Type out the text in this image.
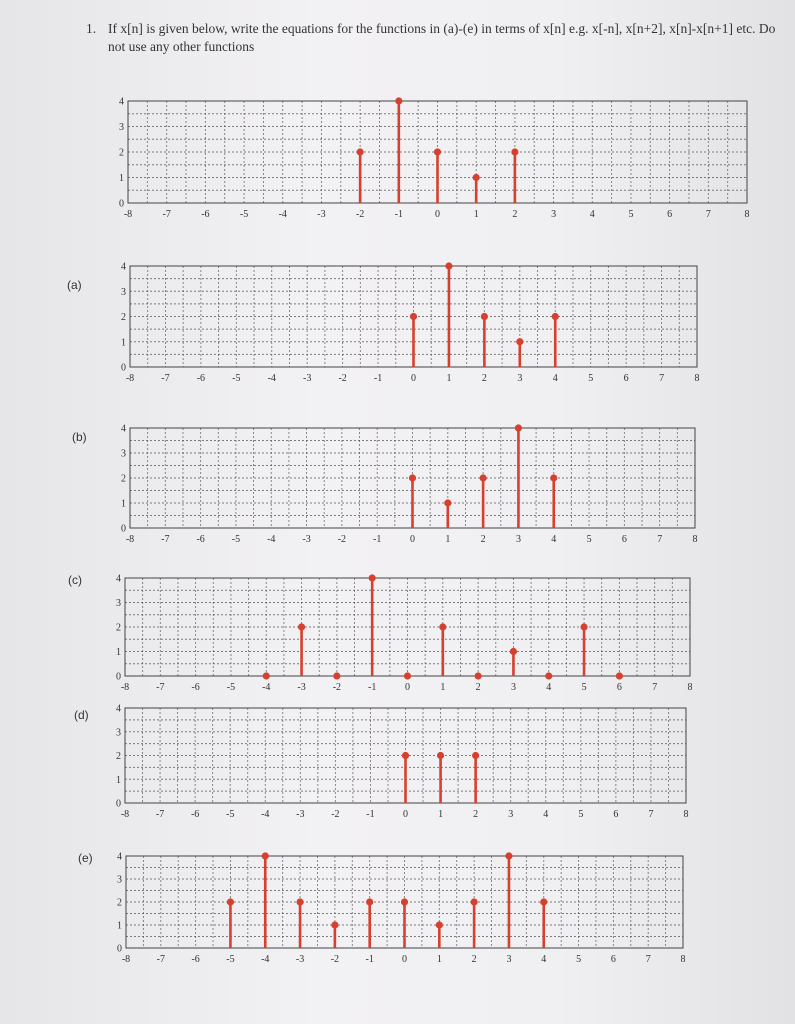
1. If x[n] is given below, write the equations for the functions in (a)-(e) in terms of x[n] e.g. x[-n], x[n+2], x[n]-x[n+1] etc. Do not use any other functions
0
1
2
3
4
-8	-7	-6	-5	-4	-3	-2	-1	0	1	2	3	4	5	6	7	8
0
1
2
3
4
-8	-7	-6	-5	-4	-3	-2	-1	0	1	2	3	4	5	6	7	8
(a)
0
1
2
3
4
-8	-7	-6	-5	-4	-3	-2	-1	0	1	2	3	4	5	6	7	8
(b)
0
1
2
3
4
-8	-7	-6	-5	-4	-3	-2	-1	0	1	2	3	4	5	6	7	8
(c)
0
1
2
3
4
-8	-7	-6	-5	-4	-3	-2	-1	0	1	2	3	4	5	6	7	8
(d)
0
1
2
3
4
-8	-7	-6	-5	-4	-3	-2	-1	0	1	2	3	4	5	6	7	8
(e)
